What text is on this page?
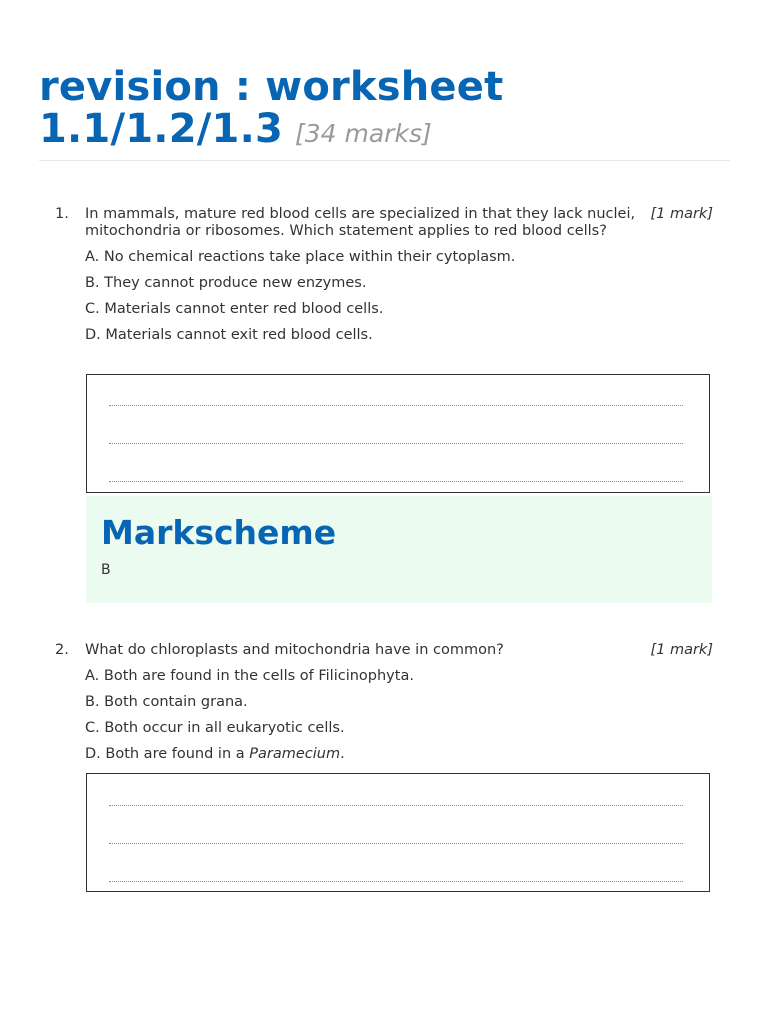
revision : worksheet
1.1/1.2/1.3 [34 marks]
1.	[1 mark]
In mammals, mature red blood cells are specialized in that they lack nuclei, mitochondria or ribosomes. Which statement applies to red blood cells?
A. No chemical reactions take place within their cytoplasm.
B. They cannot produce new enzymes.
C. Materials cannot enter red blood cells.
D. Materials cannot exit red blood cells.
Markscheme
B
2.	[1 mark]
What do chloroplasts and mitochondria have in common?
A. Both are found in the cells of Filicinophyta.
B. Both contain grana.
C. Both occur in all eukaryotic cells.
D. Both are found in a Paramecium.
